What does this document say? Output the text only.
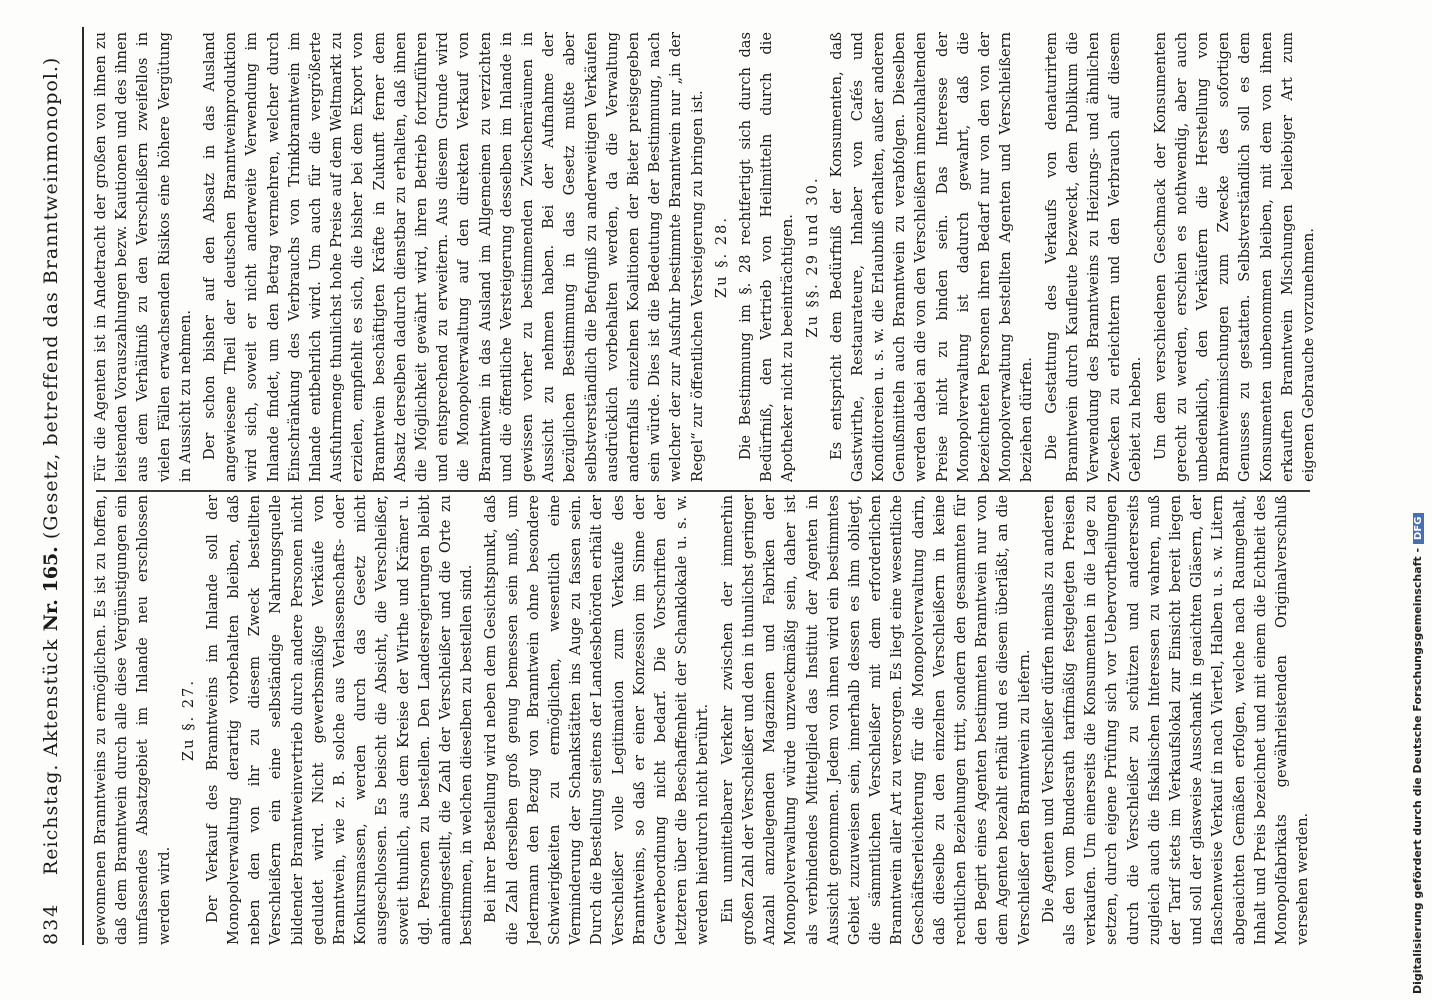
834
Reichstag. Aktenstück Nr. 165. (Gesetz, betreffend das Branntweinmonopol.)

gewonnenen Branntweins zu ermöglichen. Es ist zu hoffen, daß dem Branntwein durch alle diese Vergünstigungen ein umfassendes Absatzgebiet im Inlande neu erschlossen werden wird.

Zu §. 27. Der Verkauf des Branntweins im Inlande soll der Monopolverwaltung derartig vorbehalten bleiben, daß neben den von ihr zu diesem Zweck bestellten Verschleißern ein eine selbständige Nahrungsquelle bildender Branntweinvertrieb durch andere Personen nicht geduldet wird. Nicht gewerbsmäßige Verkäufe von Branntwein, wie z. B. solche aus Verlassenschafts- oder Konkursmassen, werden durch das Gesetz nicht ausgeschlossen. Es beischt die Absicht, die Verschleißer, soweit thunlich, aus dem Kreise der Wirthe und Krämer u. dgl. Personen zu bestellen. Den Landesregierungen bleibt anheimgestellt, die Zahl der Verschleißer und die Orte zu bestimmen, in welchen dieselben zu bestellen sind. Bei ihrer Bestellung wird neben dem Gesichtspunkt, daß die Zahl derselben groß genug bemessen sein muß, um Jedermann den Bezug von Branntwein ohne besondere Schwierigkeiten zu ermöglichen, wesentlich eine Verminderung der Schankstätten ins Auge zu fassen sein. Durch die Bestellung seitens der Landesbehörden erhält der Verschleißer volle Legitimation zum Verkaufe des Branntweins, so daß er einer Konzession im Sinne der Gewerbeordnung nicht bedarf. Die Vorschriften der letzteren über die Beschaffenheit der Schanklokale u. s. w. werden hierdurch nicht berührt. Ein unmittelbarer Verkehr zwischen der immerhin großen Zahl der Verschleißer und den in thunlichst geringer Anzahl anzulegenden Magazinen und Fabriken der Monopolverwaltung würde unzweckmäßig sein, daher ist als verbindendes Mittelglied das Institut der Agenten in Aussicht genommen. Jedem von ihnen wird ein bestimmtes Gebiet zuzuweisen sein, innerhalb dessen es ihm obliegt, die sämmtlichen Verschleißer mit dem erforderlichen Branntwein aller Art zu versorgen. Es liegt eine wesentliche Geschäftserleichterung für die Monopolverwaltung darin, daß dieselbe zu den einzelnen Verschleißern in keine rechtlichen Beziehungen tritt, sondern den gesammten für den Begirt eines Agenten bestimmten Branntwein nur von dem Agenten bezahlt erhält und es diesem überläßt, an die Verschleißer den Branntwein zu liefern. Die Agenten und Verschleißer dürfen niemals zu anderen als den vom Bundesrath tarifmäßig festgelegten Preisen verkaufen. Um einerseits die Konsumenten in die Lage zu setzen, durch eigene Prüfung sich vor Uebervortheilungen durch die Verschleißer zu schützen und andererseits zugleich auch die fiskalischen Interessen zu wahren, muß der Tarif stets im Verkaufslokal zur Einsicht bereit liegen und soll der glasweise Ausschank in geaichten Gläsern, der flaschenweise Verkauf in nach Viertel, Halben u. s. w. Litern abgeaichten Gemäßen erfolgen, welche nach Raumgehalt, Inhalt und Preis bezeichnet und mit einem die Echtheit des Monopolfabrikats gewährleistenden Originalverschluß versehen werden.

Für die Agenten ist in Andetracht der großen von ihnen zu leistenden Vorauszahlungen bezw. Kautionen und des ihnen aus dem Verhältniß zu den Verschleißern zweifellos in vielen Fällen erwachsenden Risikos eine höhere Vergütung in Aussicht zu nehmen. Der schon bisher auf den Absatz in das Ausland angewiesene Theil der deutschen Branntweinproduktion wird sich, soweit er nicht anderweite Verwendung im Inlande findet, um den Betrag vermehren, welcher durch Einschränkung des Verbrauchs von Trinkbranntwein im Inlande entbehrlich wird. Um auch für die vergrößerte Ausfuhrmenge thunlichst hohe Preise auf dem Weltmarkt zu erzielen, empfiehlt es sich, die bisher bei dem Export von Branntwein beschäftigten Kräfte in Zukunft ferner dem Absatz derselben dadurch dienstbar zu erhalten, daß ihnen die Möglichkeit gewährt wird, ihren Betrieb fortzuführen und entsprechend zu erweitern. Aus diesem Grunde wird die Monopolverwaltung auf den direkten Verkauf von Branntwein in das Ausland im Allgemeinen zu verzichten und die öffentliche Versteigerung desselben im Inlande in gewissen vorher zu bestimmenden Zwischenräumen in Aussicht zu nehmen haben. Bei der Aufnahme der bezüglichen Bestimmung in das Gesetz mußte aber selbstverständlich die Befugniß zu anderweitigen Verkäufen ausdrücklich vorbehalten werden, da die Verwaltung andernfalls einzelnen Koalitionen der Bieter preisgegeben sein würde. Dies ist die Bedeutung der Bestimmung, nach welcher der zur Ausfuhr bestimmte Branntwein nur „in der Regel“ zur öffentlichen Versteigerung zu bringen ist. Zu §. 28. Die Bestimmung im §. 28 rechtfertigt sich durch das Bedürfniß, den Vertrieb von Heilmitteln durch die Apotheker nicht zu beeinträchtigen. Zu §§. 29 und 30. Es entspricht dem Bedürfniß der Konsumenten, daß Gastwirthe, Restaurateure, Inhaber von Cafés und Konditoreien u. s. w. die Erlaubniß erhalten, außer anderen Genußmitteln auch Branntwein zu verabfolgen. Dieselben werden dabei an die von den Verschleißern innezuhaltenden Preise nicht zu binden sein. Das Interesse der Monopolverwaltung ist dadurch gewahrt, daß die bezeichneten Personen ihren Bedarf nur von den von der Monopolverwaltung bestellten Agenten und Verschleißern beziehen dürfen. Die Gestattung des Verkaufs von denaturirtem Branntwein durch Kaufleute bezweckt, dem Publikum die Verwendung des Branntweins zu Heizungs- und ähnlichen Zwecken zu erleichtern und den Verbrauch auf diesem Gebiet zu heben. Um dem verschiedenen Geschmack der Konsumenten gerecht zu werden, erschien es nothwendig, aber auch unbedenklich, den Verkäufern die Herstellung von Branntweinmischungen zum Zwecke des sofortigen Genusses zu gestatten. Selbstverständlich soll es dem Konsumenten unbenommen bleiben, mit dem von ihnen erkauften Branntwein Mischungen beliebiger Art zum eigenen Gebrauche vorzunehmen.

Digitalisierung gefördert durch die Deutsche Forschungsgemeinschaft -DFG
